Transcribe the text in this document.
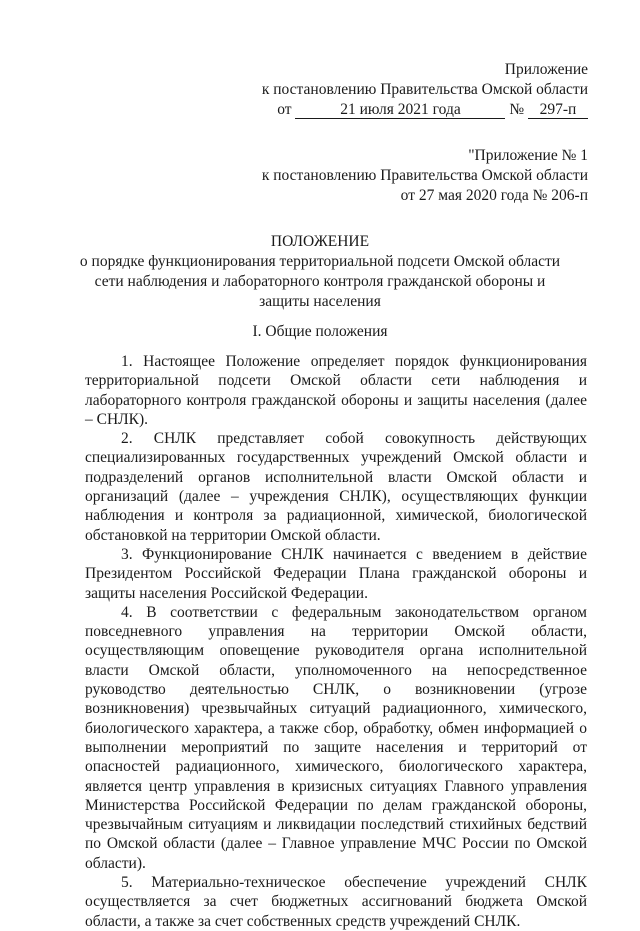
Приложение
к постановлению Правительства Омской области
от	21 июля 2021 года	№ 297-п
"Приложение № 1
к постановлению Правительства Омской области
от 27 мая 2020 года № 206-п
ПОЛОЖЕНИЕ
о порядке функционирования территориальной подсети Омской области
сети наблюдения и лабораторного контроля гражданской обороны и
защиты населения
I. Общие положения

1. Настоящее Положение определяет порядок функционирования территориальной подсети Омской области сети наблюдения и лабораторного контроля гражданской обороны и защиты населения (далее – СНЛК).

2. СНЛК представляет собой совокупность действующих специализированных государственных учреждений Омской области и подразделений органов исполнительной власти Омской области и организаций (далее – учреждения СНЛК), осуществляющих функции наблюдения и контроля за радиационной, химической, биологической обстановкой на территории Омской области.

3. Функционирование СНЛК начинается с введением в действие Президентом Российской Федерации Плана гражданской обороны и защиты населения Российской Федерации.

4. В соответствии с федеральным законодательством органом повседневного управления на территории Омской области, осуществляющим оповещение руководителя органа исполнительной власти Омской области, уполномоченного на непосредственное руководство деятельностью СНЛК, о возникновении (угрозе возникновения) чрезвычайных ситуаций радиационного, химического, биологического характера, а также сбор, обработку, обмен информацией о выполнении мероприятий по защите населения и территорий от опасностей радиационного, химического, биологического характера, является центр управления в кризисных ситуациях Главного управления Министерства Российской Федерации по делам гражданской обороны, чрезвычайным ситуациям и ликвидации последствий стихийных бедствий по Омской области (далее – Главное управление МЧС России по Омской области).

5. Материально-техническое обеспечение учреждений СНЛК осуществляется за счет бюджетных ассигнований бюджета Омской области, а также за счет собственных средств учреждений СНЛК.
